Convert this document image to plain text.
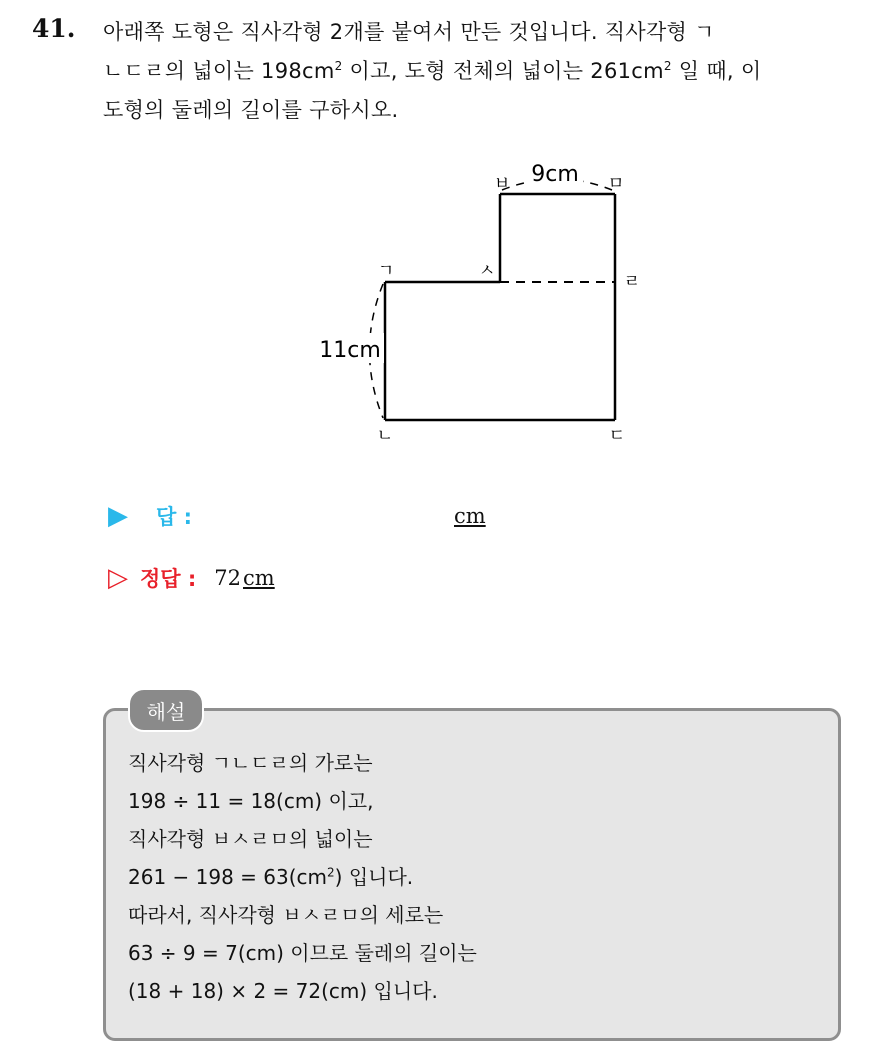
41. 아래쪽 도형은 직사각형 2개를 붙여서 만든 것입니다. 직사각형 ㄱ
ㄴㄷㄹ의 넓이는 $198cm^2$ 이고, 도형 전체의 넓이는 $261cm^2$ 일 때, 이
도형의 둘레의 길이를 구하시오.
9cm
11cm
ㄱ	ㅅ
ㅂ	ㅁ
ㄹ
ㄴ	ㄷ
▶ 답 :	cm
▷ 정답 : 72 cm
해설
직사각형 ㄱㄴㄷㄹ의 가로는
198 ÷ 11 = 18(cm) 이고,
직사각형 ㅂㅅㄹㅁ의 넓이는
$261 - 198 = 63(cm^2)$ 입니다.
따라서, 직사각형 ㅂㅅㄹㅁ의 세로는
63 ÷ 9 = 7(cm) 이므로 둘레의 길이는
(18 + 18) × 2 = 72(cm) 입니다.
